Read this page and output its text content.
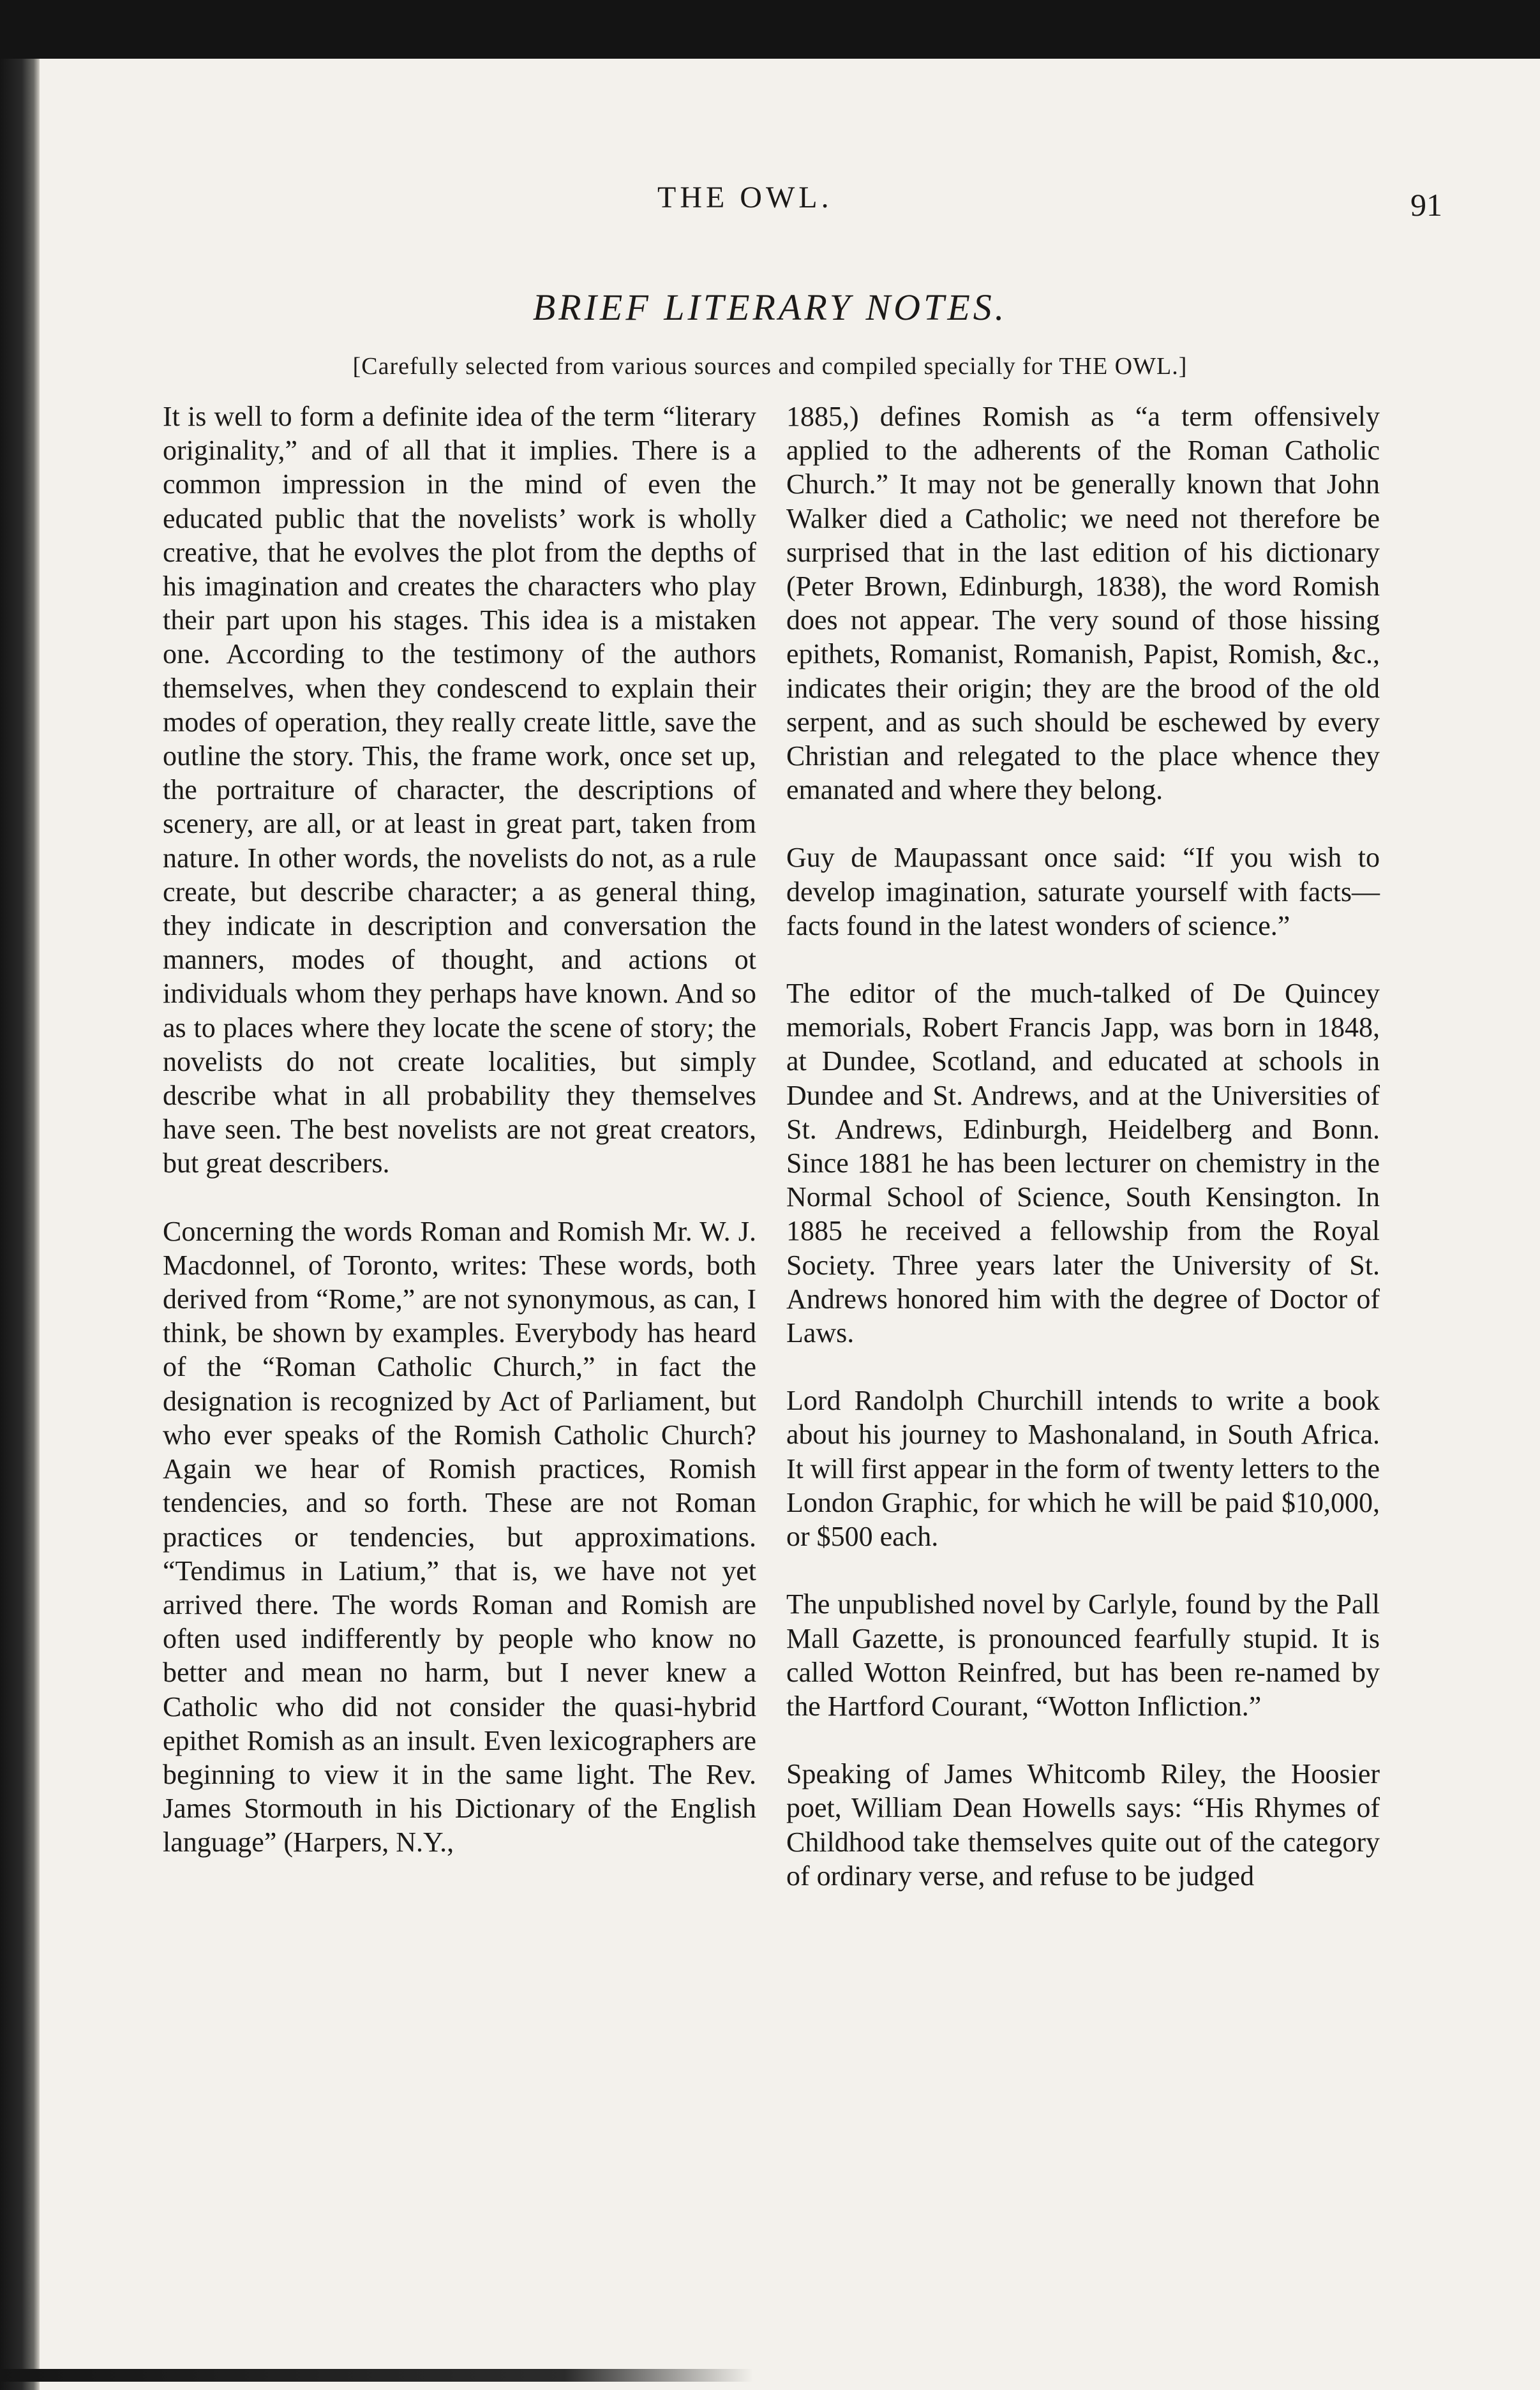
THE OWL.	91
BRIEF LITERARY NOTES.
[Carefully selected from various sources and compiled specially for THE OWL.]

It is well to form a definite idea of the term “literary originality,” and of all that it implies. There is a common impression in the mind of even the educated public that the novelists’ work is wholly creative, that he evolves the plot from the depths of his imagination and creates the characters who play their part upon his stages. This idea is a mistaken one. According to the testimony of the authors themselves, when they condescend to explain their modes of operation, they really create little, save the outline the story. This, the frame work, once set up, the portraiture of character, the descriptions of scenery, are all, or at least in great part, taken from nature. In other words, the novelists do not, as a rule create, but describe character; a as general thing, they indicate in description and conversation the manners, modes of thought, and actions ot individuals whom they perhaps have known. And so as to places where they locate the scene of story; the novelists do not create localities, but simply describe what in all probability they themselves have seen. The best novelists are not great creators, but great describers.

Concerning the words Roman and Romish Mr. W. J. Macdonnel, of Toronto, writes: These words, both derived from “Rome,” are not synonymous, as can, I think, be shown by examples. Everybody has heard of the “Roman Catholic Church,” in fact the designation is recognized by Act of Parliament, but who ever speaks of the Romish Catholic Church? Again we hear of Romish practices, Romish tendencies, and so forth. These are not Roman practices or tendencies, but approximations. “Tendimus in Latium,” that is, we have not yet arrived there. The words Roman and Romish are often used indifferently by people who know no better and mean no harm, but I never knew a Catholic who did not consider the quasi-hybrid epithet Romish as an insult. Even lexicographers are beginning to view it in the same light. The Rev. James Stormouth in his Dictionary of the English language” (Harpers, N.Y.,

1885,) defines Romish as “a term offensively applied to the adherents of the Roman Catholic Church.” It may not be generally known that John Walker died a Catholic; we need not therefore be surprised that in the last edition of his dictionary (Peter Brown, Edinburgh, 1838), the word Romish does not appear. The very sound of those hissing epithets, Romanist, Romanish, Papist, Romish, &c., indicates their origin; they are the brood of the old serpent, and as such should be eschewed by every Christian and relegated to the place whence they emanated and where they belong.

Guy de Maupassant once said: “If you wish to develop imagination, saturate yourself with facts—facts found in the latest wonders of science.”

The editor of the much-talked of De Quincey memorials, Robert Francis Japp, was born in 1848, at Dundee, Scotland, and educated at schools in Dundee and St. Andrews, and at the Universities of St. Andrews, Edinburgh, Heidelberg and Bonn. Since 1881 he has been lecturer on chemistry in the Normal School of Science, South Kensington. In 1885 he received a fellowship from the Royal Society. Three years later the University of St. Andrews honored him with the degree of Doctor of Laws.

Lord Randolph Churchill intends to write a book about his journey to Mashonaland, in South Africa. It will first appear in the form of twenty letters to the London Graphic, for which he will be paid $10,000, or $500 each.

The unpublished novel by Carlyle, found by the Pall Mall Gazette, is pronounced fearfully stupid. It is called Wotton Reinfred, but has been re-named by the Hartford Courant, “Wotton Infliction.”

Speaking of James Whitcomb Riley, the Hoosier poet, William Dean Howells says: “His Rhymes of Childhood take themselves quite out of the category of ordinary verse, and refuse to be judged
